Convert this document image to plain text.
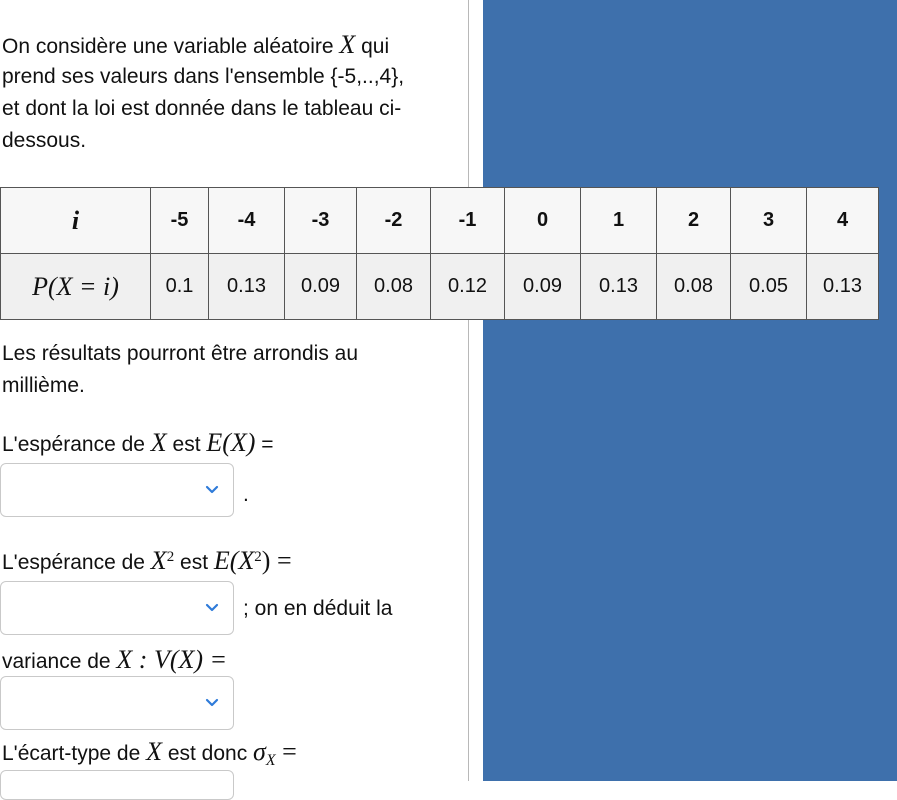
On considère une variable aléatoire X qui

prend ses valeurs dans l'ensemble {-5,..,4},

et dont la loi est donnée dans le tableau ci-

dessous.

i	-5	-4	-3	-2	-1	0	1	2	3	4
P(X = i)	0.1	0.13	0.09	0.08	0.12	0.09	0.13	0.08	0.05	0.13

Les résultats pourront être arrondis au

millième.

L'espérance de X est E(X) =

.

L'espérance de $X^2$ est $E(X^2)$ =

; on en déduit la

variance de X : V(X) =

L'écart-type de X est donc $\sigma_X$ =
